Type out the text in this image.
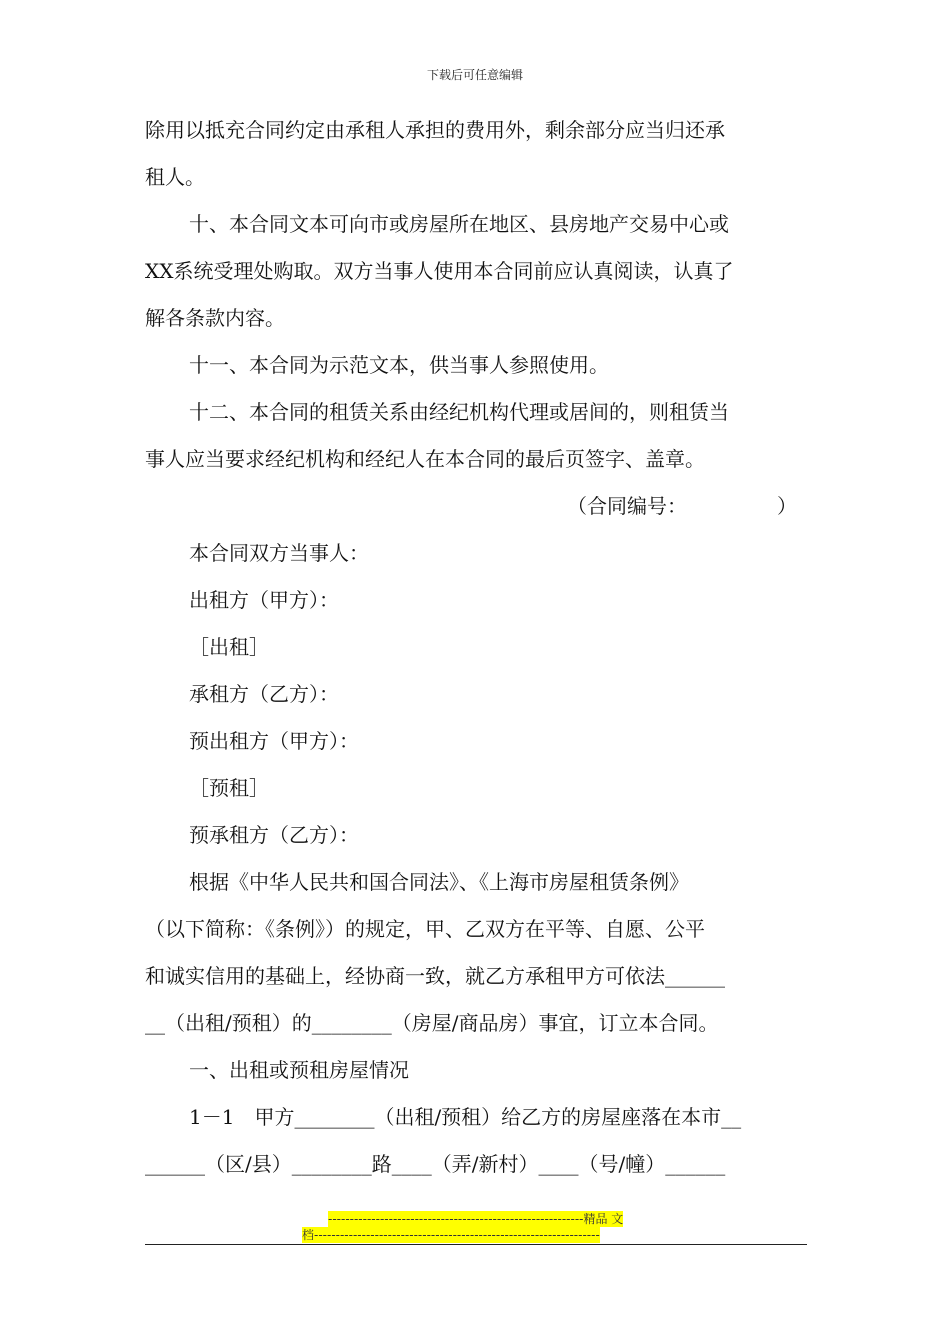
下载后可任意编辑
除用以抵充合同约定由承租人承担的费用外，剩余部分应当归还承
租人。
十、本合同文本可向市或房屋所在地区、县房地产交易中心或
XX系统受理处购取。双方当事人使用本合同前应认真阅读，认真了
解各条款内容。
十一、本合同为示范文本，供当事人参照使用。
十二、本合同的租赁关系由经纪机构代理或居间的，则租赁当
事人应当要求经纪机构和经纪人在本合同的最后页签字、盖章。
（合同编号：　　　　　）
本合同双方当事人：
出租方（甲方）：
［出租］
承租方（乙方）：
预出租方（甲方）：
［预租］
预承租方（乙方）：
根据《中华人民共和国合同法》、《上海市房屋租赁条例》
（以下简称：《条例》）的规定，甲、乙双方在平等、自愿、公平
和诚实信用的基础上，经协商一致，就乙方承租甲方可依法______
__（出租/预租）的________（房屋/商品房）事宜，订立本合同。
一、出租或预租房屋情况
1－1　甲方________（出租/预租）给乙方的房屋座落在本市__
______（区/县）________路____（弄/新村）____（号/幢）______
-----------------------------------------------------------精品 文
档------------------------------------------------------------------
